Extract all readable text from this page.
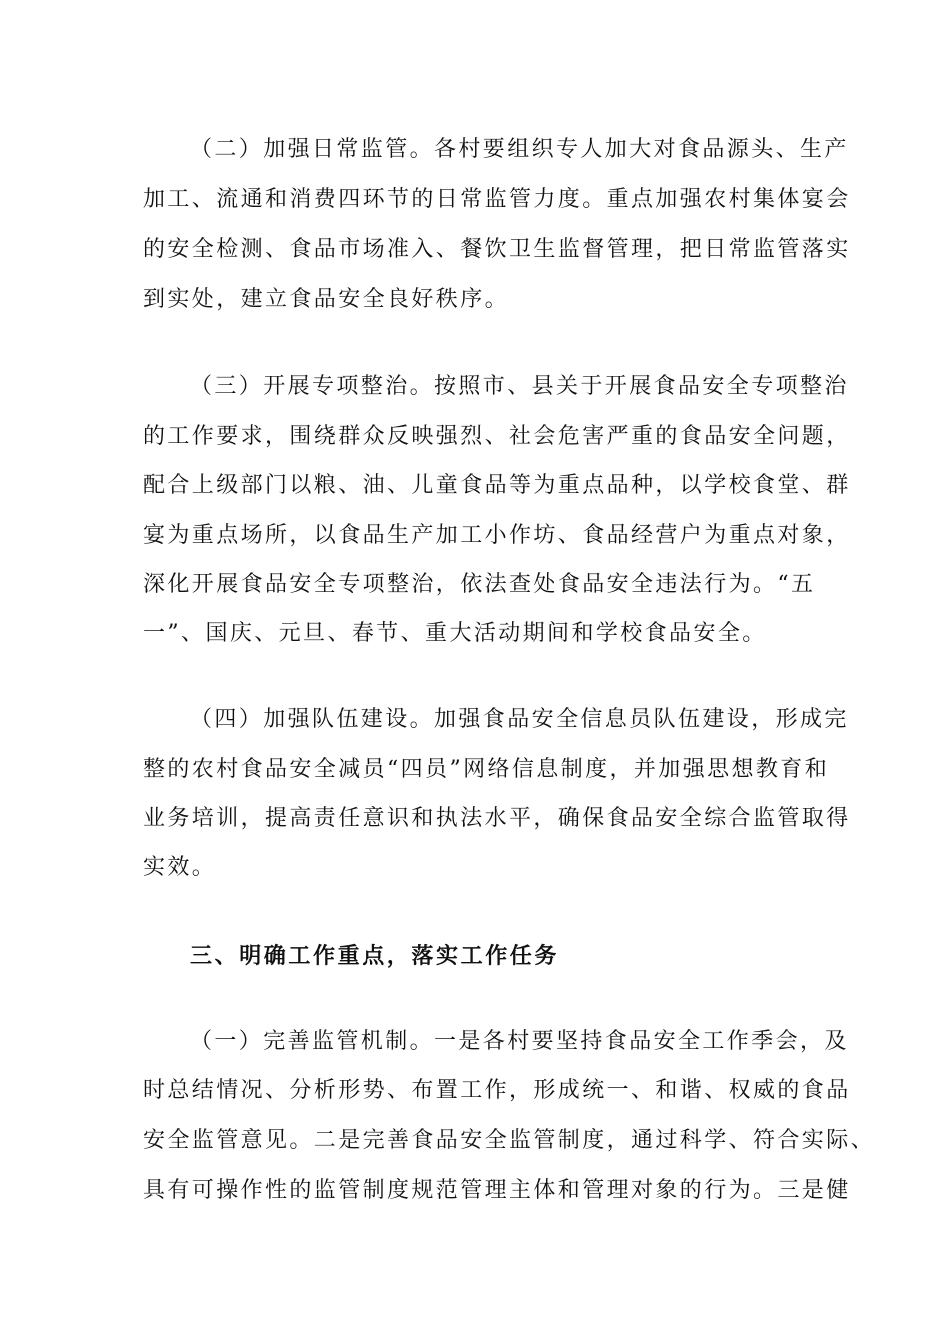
（二）加强日常监管。各村要组织专人加大对食品源头、生产
加工、流通和消费四环节的日常监管力度。重点加强农村集体宴会
的安全检测、食品市场准入、餐饮卫生监督管理，把日常监管落实
到实处，建立食品安全良好秩序。
（三）开展专项整治。按照市、县关于开展食品安全专项整治
的工作要求，围绕群众反映强烈、社会危害严重的食品安全问题，
配合上级部门以粮、油、儿童食品等为重点品种，以学校食堂、群
宴为重点场所，以食品生产加工小作坊、食品经营户为重点对象，
深化开展食品安全专项整治，依法查处食品安全违法行为。“五
一”、国庆、元旦、春节、重大活动期间和学校食品安全。
（四）加强队伍建设。加强食品安全信息员队伍建设，形成完
整的农村食品安全减员“四员”网络信息制度，并加强思想教育和
业务培训，提高责任意识和执法水平，确保食品安全综合监管取得
实效。
三、明确工作重点，落实工作任务
（一）完善监管机制。一是各村要坚持食品安全工作季会，及
时总结情况、分析形势、布置工作，形成统一、和谐、权威的食品
安全监管意见。二是完善食品安全监管制度，通过科学、符合实际、
具有可操作性的监管制度规范管理主体和管理对象的行为。三是健
